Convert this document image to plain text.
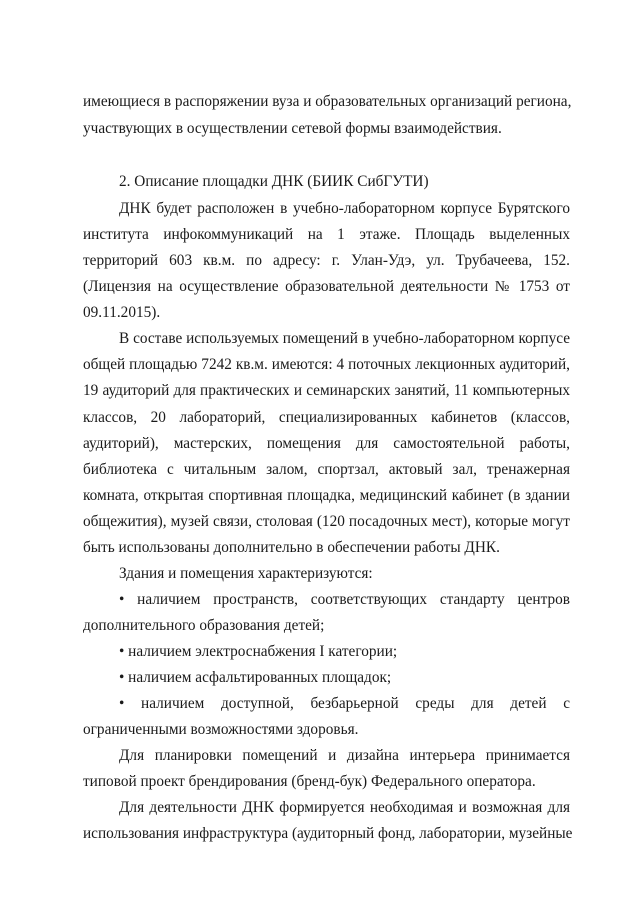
имеющиеся в распоряжении вуза и образовательных организаций региона,
участвующих в осуществлении сетевой формы взаимодействия.
2. Описание площадки ДНК (БИИК СибГУТИ)
ДНК будет расположен в учебно-лабораторном корпусе Бурятского
института инфокоммуникаций на 1 этаже. Площадь выделенных
территорий 603 кв.м. по адресу: г. Улан-Удэ, ул. Трубачеева, 152.
(Лицензия на осуществление образовательной деятельности № 1753 от
09.11.2015).
В составе используемых помещений в учебно-лабораторном корпусе
общей площадью 7242 кв.м. имеются: 4 поточных лекционных аудиторий,
19 аудиторий для практических и семинарских занятий, 11 компьютерных
классов, 20 лабораторий, специализированных кабинетов (классов,
аудиторий), мастерских, помещения для самостоятельной работы,
библиотека с читальным залом, спортзал, актовый зал, тренажерная
комната, открытая спортивная площадка, медицинский кабинет (в здании
общежития), музей связи, столовая (120 посадочных мест), которые могут
быть использованы дополнительно в обеспечении работы ДНК.
Здания и помещения характеризуются:
• наличием пространств, соответствующих стандарту центров
дополнительного образования детей;
• наличием электроснабжения I категории;
• наличием асфальтированных площадок;
• наличием доступной, безбарьерной среды для детей с
ограниченными возможностями здоровья.
Для планировки помещений и дизайна интерьера принимается
типовой проект брендирования (бренд-бук) Федерального оператора.
Для деятельности ДНК формируется необходимая и возможная для
использования инфраструктура (аудиторный фонд, лаборатории, музейные
